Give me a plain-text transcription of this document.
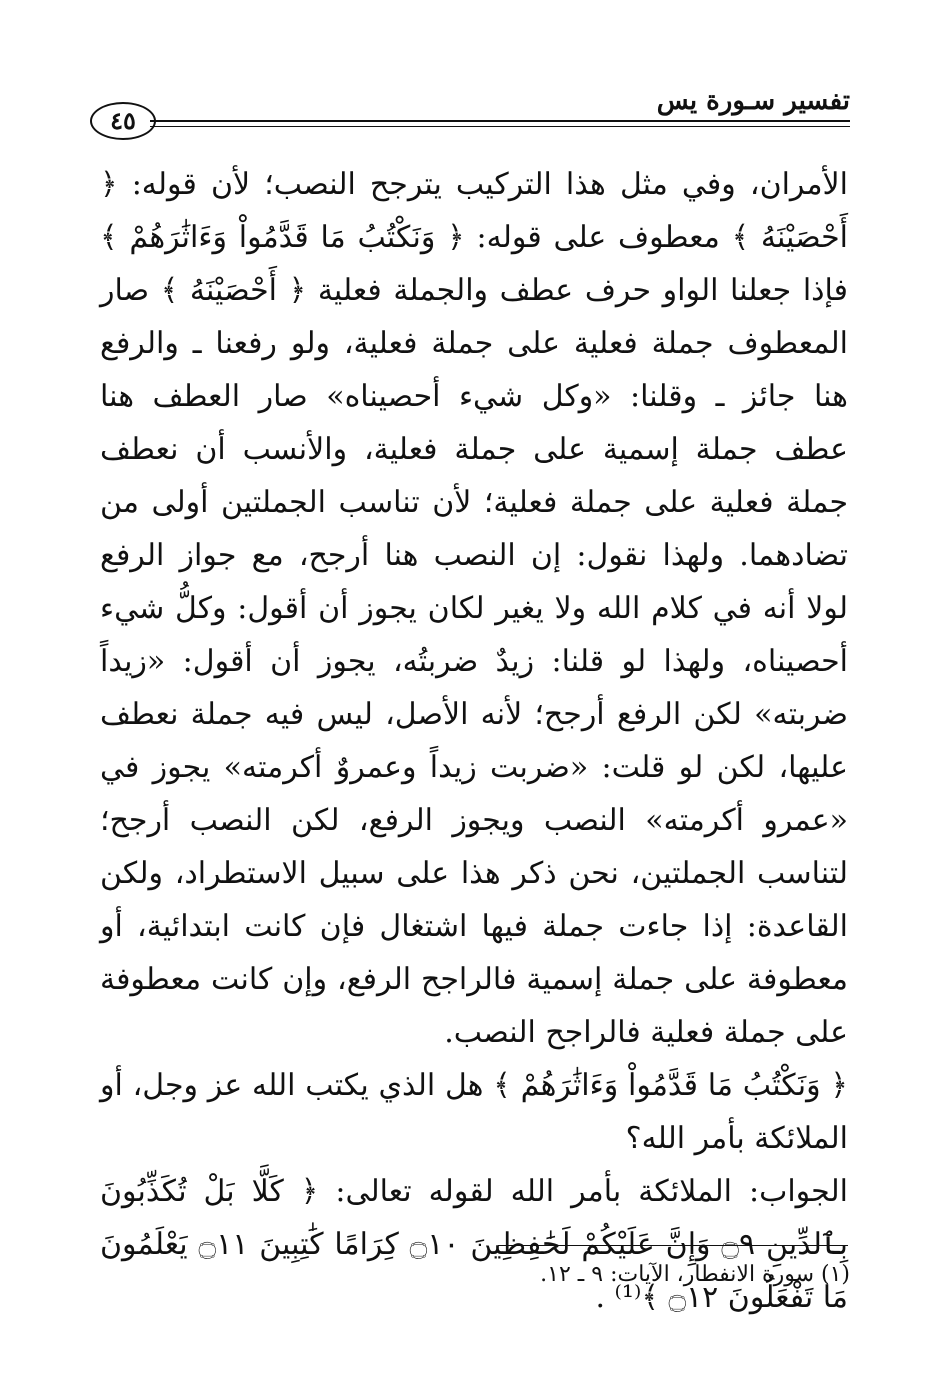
٤٥
تفسير سـورة يس

الأمران، وفي مثل هذا التركيب يترجح النصب؛ لأن قوله: ﴿ أَحْصَيْنَهُ ﴾ معطوف على قوله: ﴿ وَنَكْتُبُ مَا قَدَّمُواْ وَءَاثَٰرَهُمْ ﴾ فإذا جعلنا الواو حرف عطف والجملة فعلية ﴿ أَحْصَيْنَهُ ﴾ صار المعطوف جملة فعلية على جملة فعلية، ولو رفعنا ـ والرفع هنا جائز ـ وقلنا: «وكل شيء أحصيناه» صار العطف هنا عطف جملة إسمية على جملة فعلية، والأنسب أن نعطف جملة فعلية على جملة فعلية؛ لأن تناسب الجملتين أولى من تضادهما. ولهذا نقول: إن النصب هنا أرجح، مع جواز الرفع لولا أنه في كلام الله ولا يغير لكان يجوز أن أقول: وكلُّ شيء أحصيناه، ولهذا لو قلنا: زيدٌ ضربتُه، يجوز أن أقول: «زيداً ضربته» لكن الرفع أرجح؛ لأنه الأصل، ليس فيه جملة نعطف عليها، لكن لو قلت: «ضربت زيداً وعمروٌ أكرمته» يجوز في «عمرو أكرمته» النصب ويجوز الرفع، لكن النصب أرجح؛ لتناسب الجملتين، نحن ذكر هذا على سبيل الاستطراد، ولكن القاعدة: إذا جاءت جملة فيها اشتغال فإن كانت ابتدائية، أو معطوفة على جملة إسمية فالراجح الرفع، وإن كانت معطوفة على جملة فعلية فالراجح النصب.

﴿ وَنَكْتُبُ مَا قَدَّمُواْ وَءَاثَٰرَهُمْ ﴾ هل الذي يكتب الله عز وجل، أو الملائكة بأمر الله؟

الجواب: الملائكة بأمر الله لقوله تعالى: ﴿ كَلَّا بَلْ تُكَذِّبُونَ بِٱلدِّينِ ۝٩ وَإِنَّ عَلَيْكُمْ لَحَٰفِظِينَ ۝١٠ كِرَامًا كَٰتِبِينَ ۝١١ يَعْلَمُونَ مَا تَفْعَلُونَ ۝١٢ ﴾⁽¹⁾ .

(١) سورة الانفطار، الآيات: ٩ ـ ١٢.
